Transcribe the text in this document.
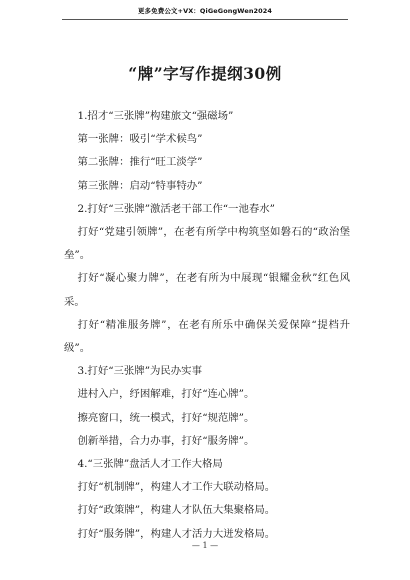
更多免费公文+VX：QiGeGongWen2024
“牌”字写作提纲30例

1.招才“三张牌”构建旅文“强磁场”

第一张牌：吸引“学术候鸟”

第二张牌：推行“旺工淡学”

第三张牌：启动“特事特办”

2.打好“三张牌”激活老干部工作“一池春水”

打好“党建引领牌”，在老有所学中构筑坚如磐石的“政治堡垒”。

打好“凝心聚力牌”，在老有所为中展现“银耀金秋”红色风采。

打好“精准服务牌”，在老有所乐中确保关爱保障“提档升级”。

3.打好“三张牌”为民办实事

进村入户，纾困解难，打好“连心牌”。

擦亮窗口，统一模式，打好“规范牌”。

创新举措，合力办事，打好“服务牌”。

4.“三张牌”盘活人才工作大格局

打好“机制牌”，构建人才工作大联动格局。

打好“政策牌”，构建人才队伍大集聚格局。

打好“服务牌”，构建人才活力大迸发格局。

— 1 —
